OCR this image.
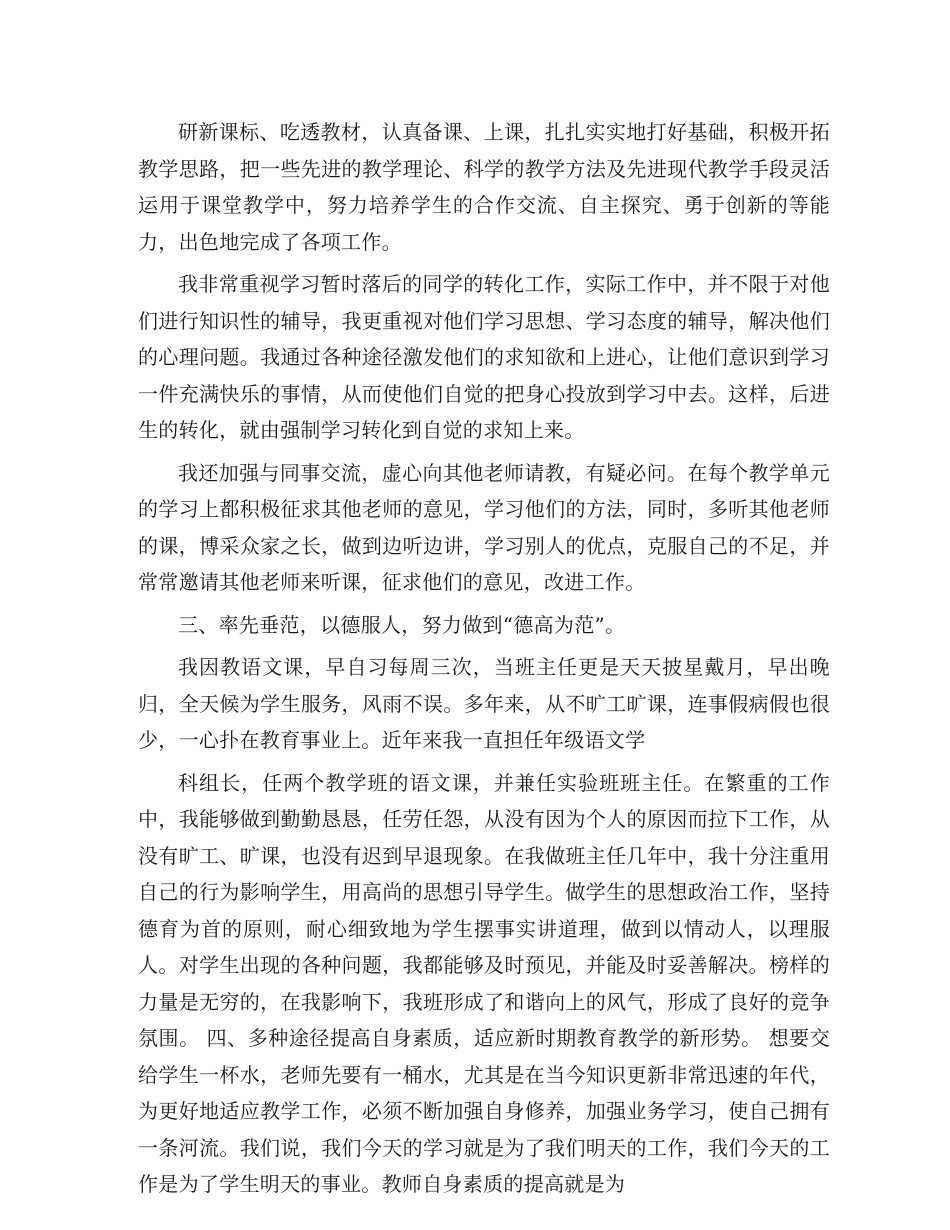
研新课标、吃透教材，认真备课、上课，扎扎实实地打好基础，积极开拓教学思路，把一些先进的教学理论、科学的教学方法及先进现代教学手段灵活运用于课堂教学中，努力培养学生的合作交流、自主探究、勇于创新的等能力，出色地完成了各项工作。

我非常重视学习暂时落后的同学的转化工作，实际工作中，并不限于对他们进行知识性的辅导，我更重视对他们学习思想、学习态度的辅导，解决他们的心理问题。我通过各种途径激发他们的求知欲和上进心，让他们意识到学习一件充满快乐的事情，从而使他们自觉的把身心投放到学习中去。这样，后进生的转化，就由强制学习转化到自觉的求知上来。

我还加强与同事交流，虚心向其他老师请教，有疑必问。在每个教学单元的学习上都积极征求其他老师的意见，学习他们的方法，同时，多听其他老师的课，博采众家之长，做到边听边讲，学习别人的优点，克服自己的不足，并常常邀请其他老师来听课，征求他们的意见，改进工作。

三、率先垂范，以德服人，努力做到“德高为范”。

我因教语文课，早自习每周三次，当班主任更是天天披星戴月，早出晚归，全天候为学生服务，风雨不误。多年来，从不旷工旷课，连事假病假也很少，一心扑在教育事业上。近年来我一直担任年级语文学

科组长，任两个教学班的语文课，并兼任实验班班主任。在繁重的工作中，我能够做到勤勤恳恳，任劳任怨，从没有因为个人的原因而拉下工作，从没有旷工、旷课，也没有迟到早退现象。在我做班主任几年中，我十分注重用自己的行为影响学生，用高尚的思想引导学生。做学生的思想政治工作，坚持德育为首的原则，耐心细致地为学生摆事实讲道理，做到以情动人，以理服人。对学生出现的各种问题，我都能够及时预见，并能及时妥善解决。榜样的力量是无穷的，在我影响下，我班形成了和谐向上的风气，形成了良好的竞争氛围。 四、多种途径提高自身素质，适应新时期教育教学的新形势。 想要交给学生一杯水，老师先要有一桶水，尤其是在当今知识更新非常迅速的年代，为更好地适应教学工作，必须不断加强自身修养，加强业务学习，使自己拥有一条河流。我们说，我们今天的学习就是为了我们明天的工作，我们今天的工作是为了学生明天的事业。教师自身素质的提高就是为
